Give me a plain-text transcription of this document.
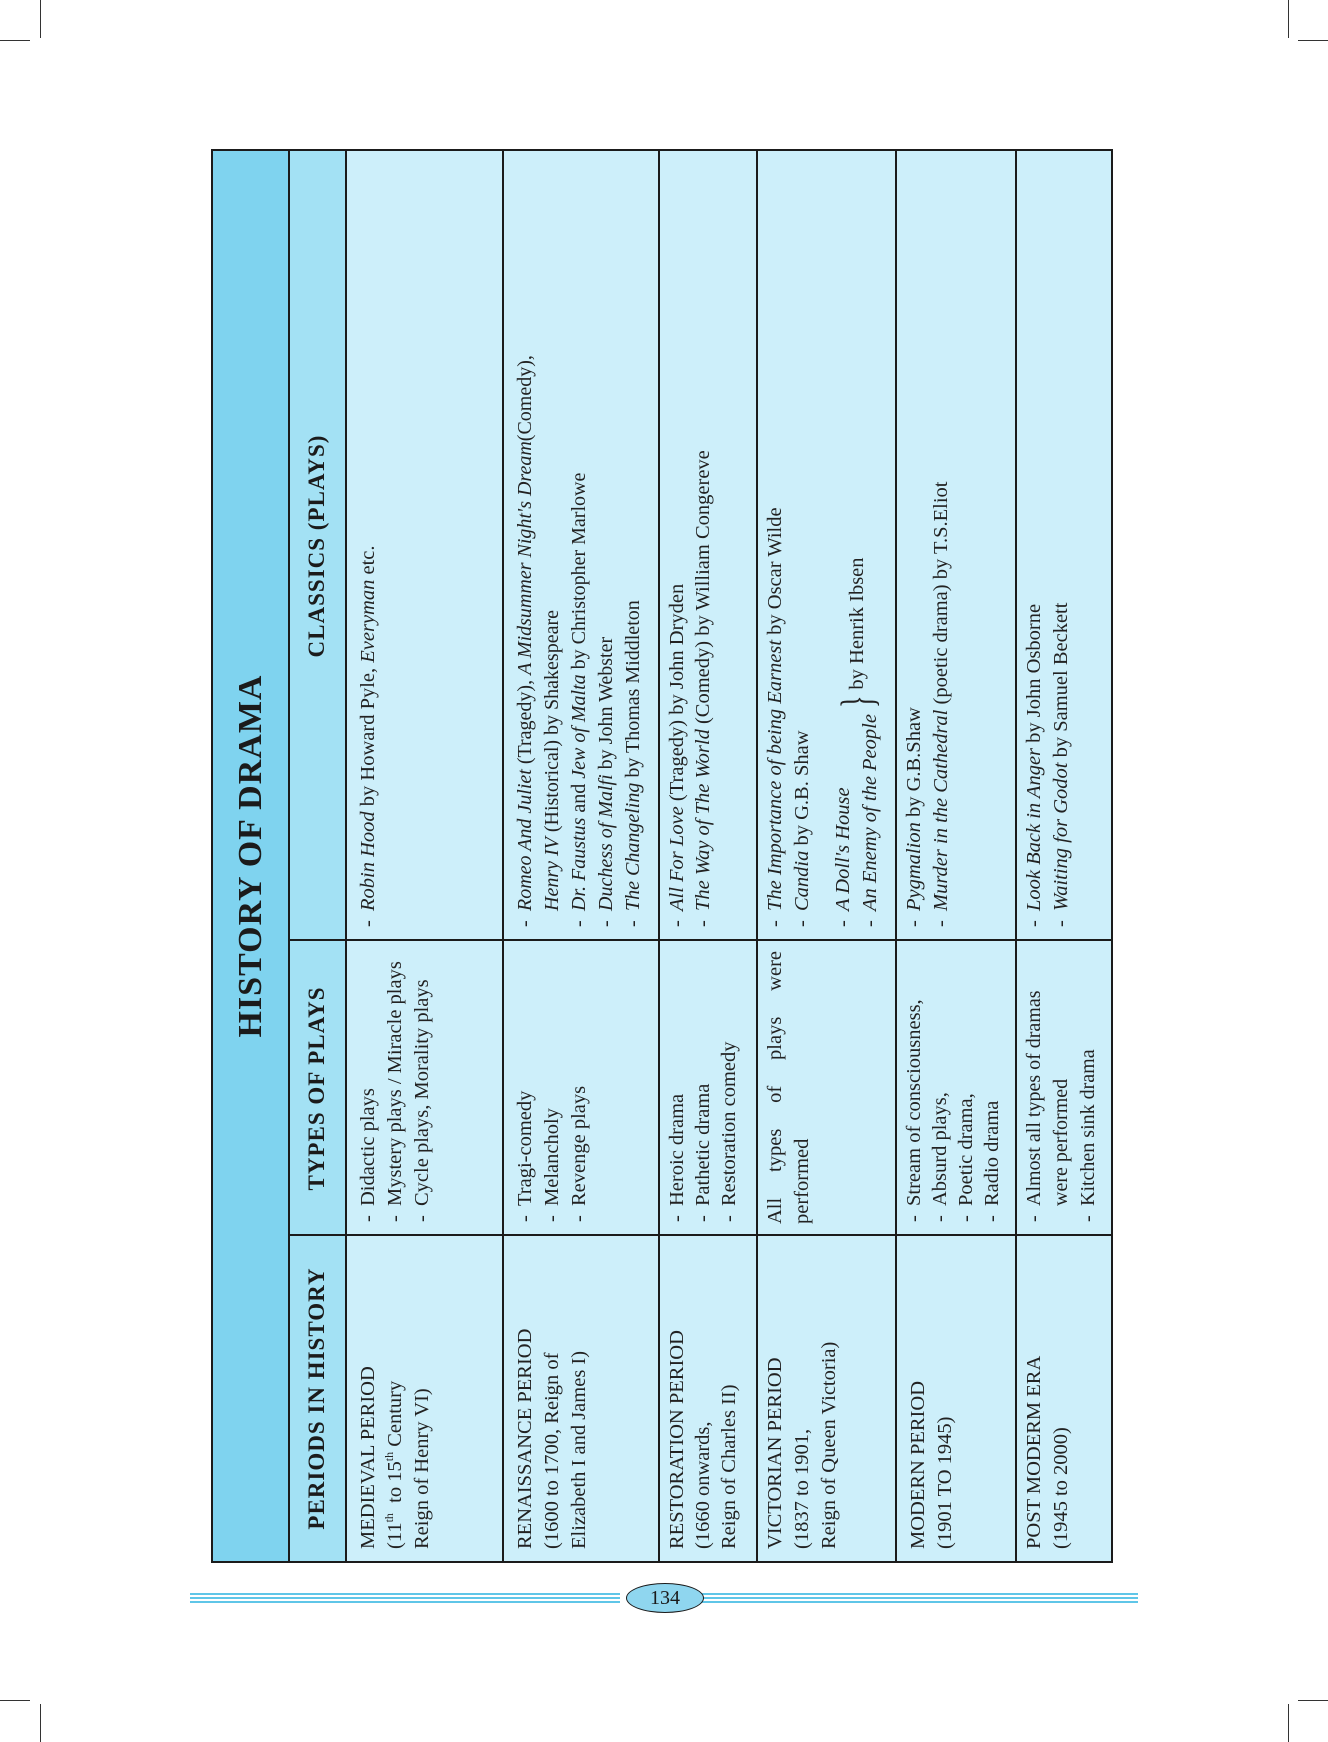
HISTORY OF DRAMA
PERIODS IN HISTORY
TYPES OF PLAYS
CLASSICS (PLAYS)

MEDIEVAL PERIOD (11th  to 15th Century Reign of Henry VI)

- Didactic plays - Mystery plays / Miracle plays - Cycle plays, Morality plays

- Robin Hood by Howard Pyle, Everyman etc.

RENAISSANCE PERIOD (1600 to 1700, Reign of Elizabeth I and James I)

- Tragi-comedy - Melancholy - Revenge plays

- Romeo And Juliet (Tragedy), A Midsummer Night's Dream(Comedy),

Henry IV (Historical) by Shakespeare

- Dr. Faustus and Jew of Malta by Christopher Marlowe

- Duchess of Malfi by John Webster

- The Changeling by Thomas Middleton

RESTORATION PERIOD (1660 onwards, Reign of Charles II)

- Heroic drama - Pathetic drama - Restoration comedy

- All For Love (Tragedy) by John Dryden

- The Way of The World (Comedy) by William Congereve

VICTORIAN PERIOD (1837 to 1901, Reign of Queen Victoria)

All types of plays were performed

- The Importance of being Earnest by Oscar Wilde

- Candia by G.B. Shaw - A Doll's House - An Enemy of the People

}
by Henrik Ibsen

MODERN PERIOD (1901 TO 1945)

- Stream of consciousness, - Absurd plays, - Poetic drama, - Radio drama

- Pygmalion by G.B.Shaw - Murder in the Cathedral (poetic drama) by T.S.Eliot

POST MODERM ERA (1945 to 2000)

- Almost all types of dramas were performed - Kitchen sink drama

- Look Back in Anger by John Osborne

- Waiting for Godot by Samuel Beckett

134
